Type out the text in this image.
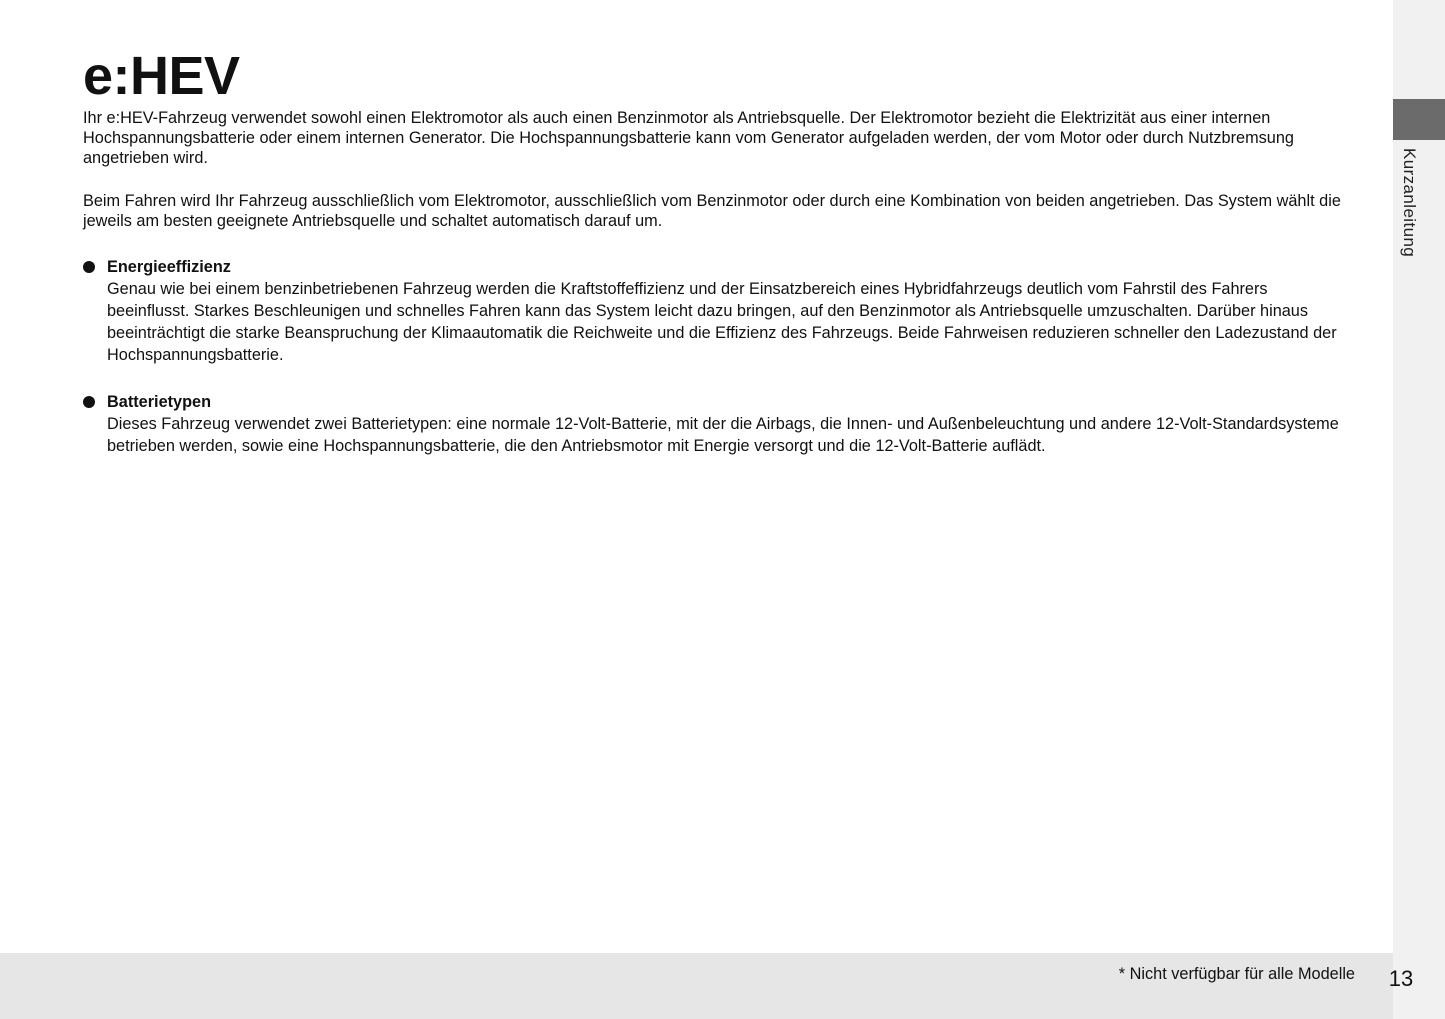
e:HEV

Ihr e:HEV-Fahrzeug verwendet sowohl einen Elektromotor als auch einen Benzinmotor als Antriebsquelle. Der Elektromotor bezieht die Elektrizität aus einer internen Hochspannungsbatterie oder einem internen Generator. Die Hochspannungsbatterie kann vom Generator aufgeladen werden, der vom Motor oder durch Nutzbremsung angetrieben wird.

Beim Fahren wird Ihr Fahrzeug ausschließlich vom Elektromotor, ausschließlich vom Benzinmotor oder durch eine Kombination von beiden angetrieben. Das System wählt die jeweils am besten geeignete Antriebsquelle und schaltet automatisch darauf um.

Energieeffizienz

Genau wie bei einem benzinbetriebenen Fahrzeug werden die Kraftstoffeffizienz und der Einsatzbereich eines Hybridfahrzeugs deutlich vom Fahrstil des Fahrers beeinflusst. Starkes Beschleunigen und schnelles Fahren kann das System leicht dazu bringen, auf den Benzinmotor als Antriebsquelle umzuschalten. Darüber hinaus beeinträchtigt die starke Beanspruchung der Klimaautomatik die Reichweite und die Effizienz des Fahrzeugs. Beide Fahrweisen reduzieren schneller den Ladezustand der Hochspannungsbatterie.

Batterietypen

Dieses Fahrzeug verwendet zwei Batterietypen: eine normale 12-Volt-Batterie, mit der die Airbags, die Innen- und Außenbeleuchtung und andere 12-Volt-Standardsysteme betrieben werden, sowie eine Hochspannungsbatterie, die den Antriebsmotor mit Energie versorgt und die 12-Volt-Batterie auflädt.

Kurzanleitung
* Nicht verfügbar für alle Modelle 13
